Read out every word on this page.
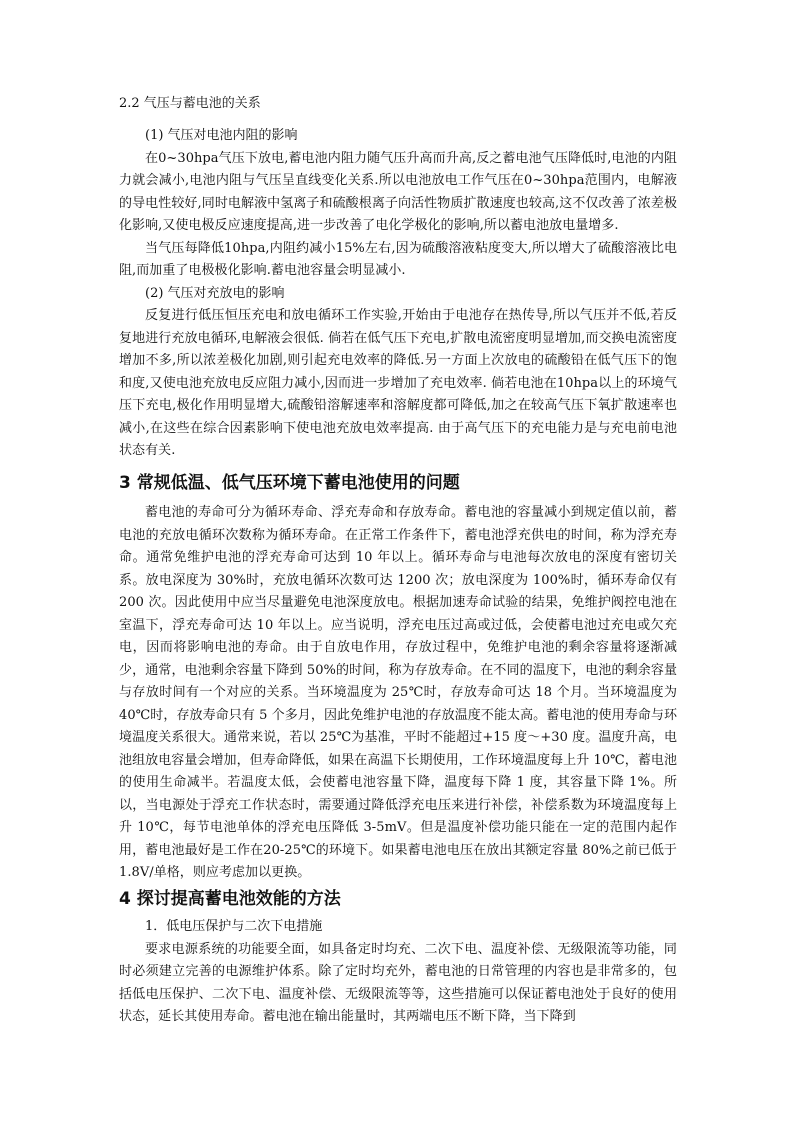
2.2 气压与蓄电池的关系

(1) 气压对电池内阻的影响

在0~30hpa气压下放电,蓄电池内阻力随气压升高而升高,反之蓄电池气压降低时,电池的内阻力就会减小,电池内阻与气压呈直线变化关系.所以电池放电工作气压在0~30hpa范围内，电解液的导电性较好,同时电解液中氢离子和硫酸根离子向活性物质扩散速度也较高,这不仅改善了浓差极化影响,又使电极反应速度提高,进一步改善了电化学极化的影响,所以蓄电池放电量增多.

当气压每降低10hpa,内阻约减小15%左右,因为硫酸溶液粘度变大,所以增大了硫酸溶液比电阻,而加重了电极极化影响.蓄电池容量会明显减小.

(2) 气压对充放电的影响

反复进行低压恒压充电和放电循环工作实验,开始由于电池存在热传导,所以气压并不低,若反复地进行充放电循环,电解液会很低. 倘若在低气压下充电,扩散电流密度明显增加,而交换电流密度增加不多,所以浓差极化加剧,则引起充电效率的降低.另一方面上次放电的硫酸铅在低气压下的饱和度,又使电池充放电反应阻力减小,因而进一步增加了充电效率. 倘若电池在10hpa以上的环境气压下充电,极化作用明显增大,硫酸铅溶解速率和溶解度都可降低,加之在较高气压下氧扩散速率也减小,在这些在综合因素影响下使电池充放电效率提高. 由于高气压下的充电能力是与充电前电池状态有关.

3 常规低温、低气压环境下蓄电池使用的问题

蓄电池的寿命可分为循环寿命、浮充寿命和存放寿命。蓄电池的容量减小到规定值以前，蓄电池的充放电循环次数称为循环寿命。在正常工作条件下，蓄电池浮充供电的时间，称为浮充寿命。通常免维护电池的浮充寿命可达到 10 年以上。循环寿命与电池每次放电的深度有密切关系。放电深度为 30%时，充放电循环次数可达 1200 次；放电深度为 100%时，循环寿命仅有 200 次。因此使用中应当尽量避免电池深度放电。根据加速寿命试验的结果，免维护阀控电池在室温下，浮充寿命可达 10 年以上。应当说明，浮充电压过高或过低，会使蓄电池过充电或欠充电，因而将影响电池的寿命。由于自放电作用，存放过程中，免维护电池的剩余容量将逐渐减少，通常，电池剩余容量下降到 50%的时间，称为存放寿命。在不同的温度下，电池的剩余容量与存放时间有一个对应的关系。当环境温度为 25℃时，存放寿命可达 18 个月。当环境温度为 40℃时，存放寿命只有 5 个多月，因此免维护电池的存放温度不能太高。蓄电池的使用寿命与环境温度关系很大。通常来说，若以 25℃为基准，平时不能超过+15 度～+30 度。温度升高，电池组放电容量会增加，但寿命降低，如果在高温下长期使用，工作环境温度每上升 10℃，蓄电池的使用生命减半。若温度太低，会使蓄电池容量下降，温度每下降 1 度，其容量下降 1%。所以，当电源处于浮充工作状态时，需要通过降低浮充电压来进行补偿，补偿系数为环境温度每上升 10℃，每节电池单体的浮充电压降低 3-5mV。但是温度补偿功能只能在一定的范围内起作用，蓄电池最好是工作在20-25℃的环境下。如果蓄电池电压在放出其额定容量 80%之前已低于 1.8V/单格，则应考虑加以更换。

4 探讨提高蓄电池效能的方法

1．低电压保护与二次下电措施

要求电源系统的功能要全面，如具备定时均充、二次下电、温度补偿、无级限流等功能，同时必须建立完善的电源维护体系。除了定时均充外，蓄电池的日常管理的内容也是非常多的，包括低电压保护、二次下电、温度补偿、无级限流等等，这些措施可以保证蓄电池处于良好的使用状态，延长其使用寿命。蓄电池在输出能量时，其两端电压不断下降，当下降到
